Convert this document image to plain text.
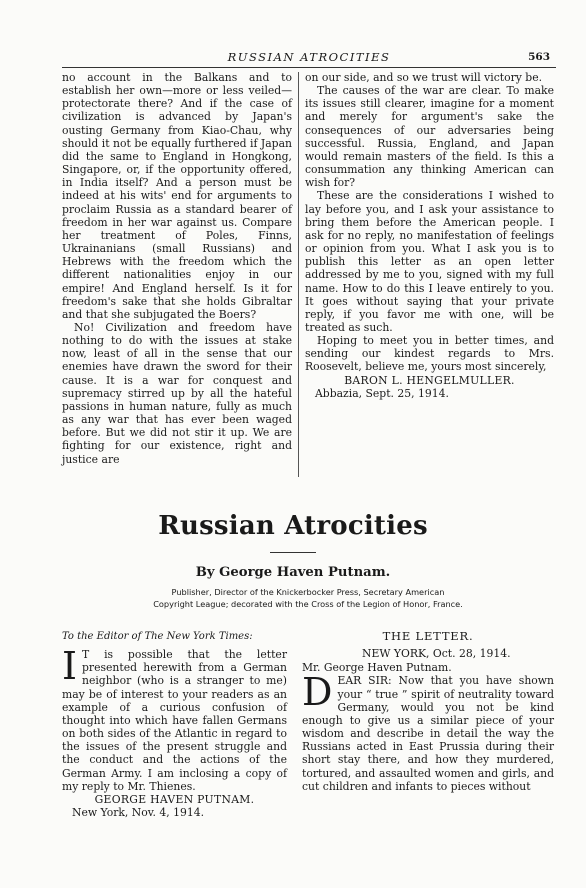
RUSSIAN ATROCITIES	563

no account in the Balkans and to establish her own—more or less veiled—protectorate there? And if the case of civilization is advanced by Japan's ousting Germany from Kiao-Chau, why should it not be equally furthered if Japan did the same to England in Hongkong, Singapore, or, if the opportunity offered, in India itself? And a person must be indeed at his wits' end for arguments to proclaim Russia as a standard bearer of freedom in her war against us. Compare her treatment of Poles, Finns, Ukrainanians (small Russians) and Hebrews with the freedom which the different nationalities enjoy in our empire! And England herself. Is it for freedom's sake that she holds Gibraltar and that she subjugated the Boers?

No! Civilization and freedom have nothing to do with the issues at stake now, least of all in the sense that our enemies have drawn the sword for their cause. It is a war for conquest and supremacy stirred up by all the hateful passions in human nature, fully as much as any war that has ever been waged before. But we did not stir it up. We are fighting for our existence, right and justice are

on our side, and so we trust will victory be.

The causes of the war are clear. To make its issues still clearer, imagine for a moment and merely for argument's sake the consequences of our adversaries being successful. Russia, England, and Japan would remain masters of the field. Is this a consummation any thinking American can wish for?

These are the considerations I wished to lay before you, and I ask your assistance to bring them before the American people. I ask for no reply, no manifestation of feelings or opinion from you. What I ask you is to publish this letter as an open letter addressed by me to you, signed with my full name. How to do this I leave entirely to you. It goes without saying that your private reply, if you favor me with one, will be treated as such.

Hoping to meet you in better times, and sending our kindest regards to Mrs. Roosevelt, believe me, yours most sincerely,

BARON L. HENGELMULLER.

Abbazia, Sept. 25, 1914.

Russian Atrocities
By George Haven Putnam.
Publisher, Director of the Knickerbocker Press, Secretary American
Copyright League; decorated with the Cross of the Legion of Honor, France.

To the Editor of The New York Times:

I T is possible that the letter presented herewith from a German neighbor (who is a stranger to me) may be of interest to your readers as an example of a curious confusion of thought into which have fallen Germans on both sides of the Atlantic in regard to the issues of the present struggle and the conduct and the actions of the German Army. I am inclosing a copy of my reply to Mr. Thienes.

GEORGE HAVEN PUTNAM.

New York, Nov. 4, 1914.

THE LETTER.

NEW YORK, Oct. 28, 1914.

Mr. George Haven Putnam.

DEAR SIR: Now that you have shown your “ true ” spirit of neutrality toward Germany, would you not be kind enough to give us a similar piece of your wisdom and describe in detail the way the Russians acted in East Prussia during their short stay there, and how they murdered, tortured, and assaulted women and girls, and cut children and infants to pieces without
